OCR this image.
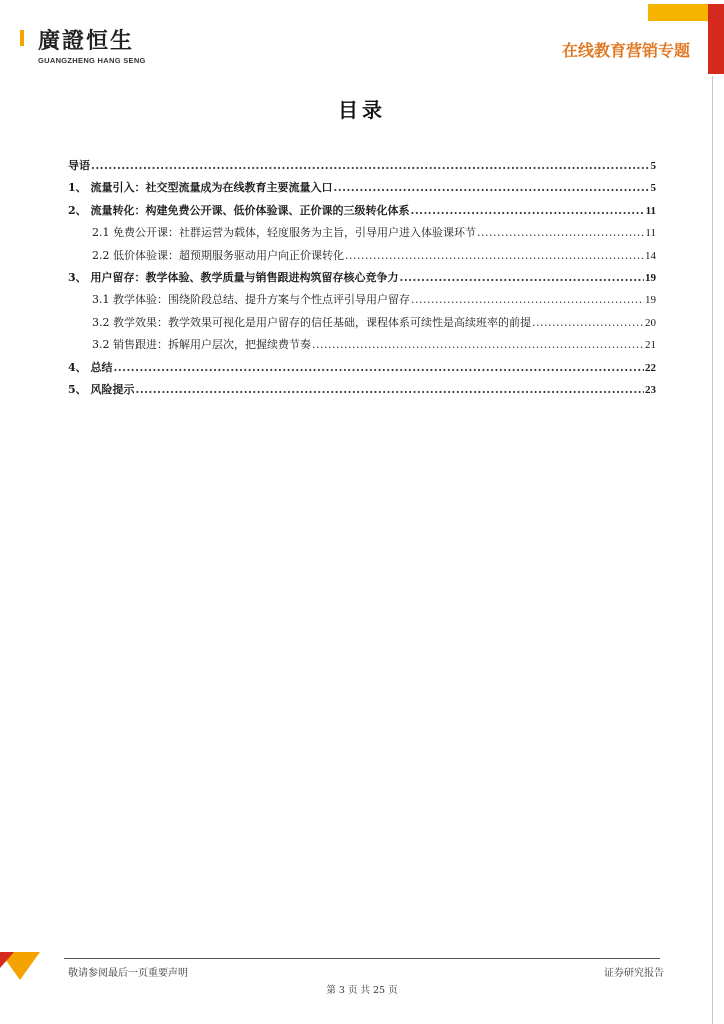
廣證恒生
GUANGZHENG HANG SENG
在线教育营销专题
目录
导语 .....	5
1、 流量引入：社交型流量成为在线教育主要流量入口 .....	5
2、 流量转化：构建免费公开课、低价体验课、正价课的三级转化体系 .....	11
2.1 免费公开课：社群运营为载体，轻度服务为主旨，引导用户进入体验课环节 .....	11
2.2 低价体验课：超预期服务驱动用户向正价课转化 .....	14
3、 用户留存：教学体验、教学质量与销售跟进构筑留存核心竞争力 .....	19
3.1 教学体验：围绕阶段总结、提升方案与个性点评引导用户留存 .....	19
3.2 教学效果：教学效果可视化是用户留存的信任基础，课程体系可续性是高续班率的前提 .....	20
3.2 销售跟进：拆解用户层次，把握续费节奏 .....	21
4、 总结 .....	22
5、 风险提示 .....	23
敬请参阅最后一页重要声明	证券研究报告
第 3 页 共 25 页
